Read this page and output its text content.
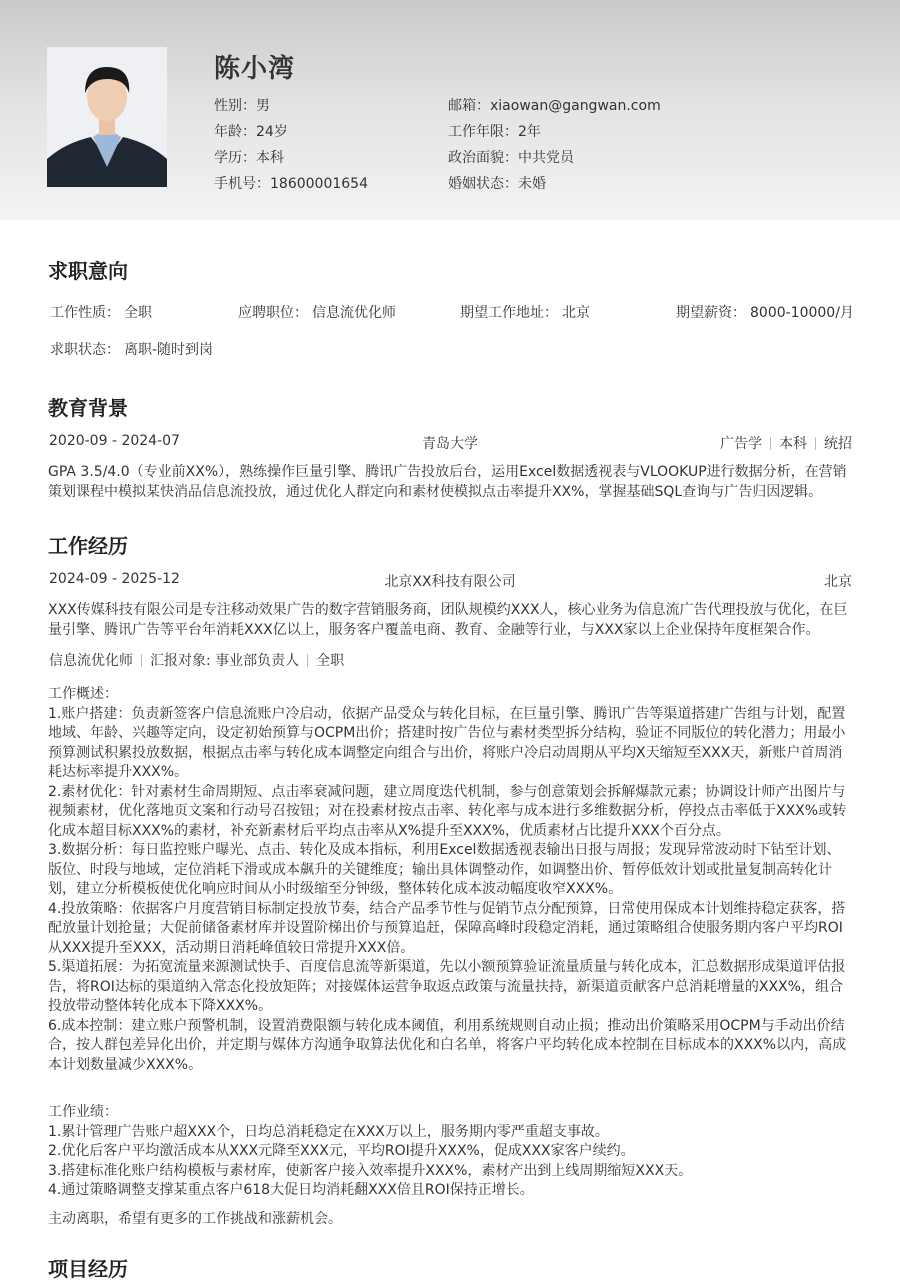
陈小湾
性别 ： 男
年龄 ： 24岁
学历 ： 本科
手机号 ： 18600001654
邮箱 ： xiaowan@gangwan.com
工作年限 ： 2年
政治面貌 ： 中共党员
婚姻状态 ： 未婚
求职意向
工作性质： 全职	应聘职位： 信息流优化师	期望工作地址： 北京	期望薪资： 8000-10000/月
求职状态： 离职-随时到岗
教育背景
2020-09 - 2024-07	青岛大学	广告学 本科 统招
GPA 3.5/4.0（专业前XX%），熟练操作巨量引擎、腾讯广告投放后台，运用Excel数据透视表与VLOOKUP进行数据分析，在营销策划课程中模拟某快消品信息流投放，通过优化人群定向和素材使模拟点击率提升XX%，掌握基础SQL查询与广告归因逻辑。
工作经历
2024-09 - 2025-12	北京XX科技有限公司	北京
XXX传媒科技有限公司是专注移动效果广告的数字营销服务商，团队规模约XXX人，核心业务为信息流广告代理投放与优化，在巨量引擎、腾讯广告等平台年消耗XXX亿以上，服务客户覆盖电商、教育、金融等行业，与XXX家以上企业保持年度框架合作。
信息流优化师 汇报对象: 事业部负责人 全职

工作概述：

1.账户搭建：负责新签客户信息流账户冷启动，依据产品受众与转化目标，在巨量引擎、腾讯广告等渠道搭建广告组与计划，配置地域、年龄、兴趣等定向，设定初始预算与OCPM出价；搭建时按广告位与素材类型拆分结构，验证不同版位的转化潜力；用最小预算测试积累投放数据，根据点击率与转化成本调整定向组合与出价，将账户冷启动周期从平均X天缩短至XXX天，新账户首周消耗达标率提升XXX%。

2.素材优化：针对素材生命周期短、点击率衰减问题，建立周度迭代机制，参与创意策划会拆解爆款元素；协调设计师产出图片与视频素材，优化落地页文案和行动号召按钮；对在投素材按点击率、转化率与成本进行多维数据分析，停投点击率低于XXX%或转化成本超目标XXX%的素材，补充新素材后平均点击率从X%提升至XXX%，优质素材占比提升XXX个百分点。

3.数据分析：每日监控账户曝光、点击、转化及成本指标，利用Excel数据透视表输出日报与周报；发现异常波动时下钻至计划、版位、时段与地域，定位消耗下滑或成本飙升的关键维度；输出具体调整动作，如调整出价、暂停低效计划或批量复制高转化计划，建立分析模板使优化响应时间从小时级缩至分钟级，整体转化成本波动幅度收窄XXX%。

4.投放策略：依据客户月度营销目标制定投放节奏，结合产品季节性与促销节点分配预算，日常使用保成本计划维持稳定获客，搭配放量计划抢量；大促前储备素材库并设置阶梯出价与预算追赶，保障高峰时段稳定消耗，通过策略组合使服务期内客户平均ROI从XXX提升至XXX，活动期日消耗峰值较日常提升XXX倍。

5.渠道拓展：为拓宽流量来源测试快手、百度信息流等新渠道，先以小额预算验证流量质量与转化成本，汇总数据形成渠道评估报告，将ROI达标的渠道纳入常态化投放矩阵；对接媒体运营争取返点政策与流量扶持，新渠道贡献客户总消耗增量的XXX%，组合投放带动整体转化成本下降XXX%。

6.成本控制：建立账户预警机制，设置消费限额与转化成本阈值，利用系统规则自动止损；推动出价策略采用OCPM与手动出价结合，按人群包差异化出价，并定期与媒体方沟通争取算法优化和白名单，将客户平均转化成本控制在目标成本的XXX%以内，高成本计划数量减少XXX%。

工作业绩：

1.累计管理广告账户超XXX个，日均总消耗稳定在XXX万以上，服务期内零严重超支事故。

2.优化后客户平均激活成本从XXX元降至XXX元，平均ROI提升XXX%，促成XXX家客户续约。

3.搭建标准化账户结构模板与素材库，使新客户接入效率提升XXX%，素材产出到上线周期缩短XXX天。

4.通过策略调整支撑某重点客户618大促日均消耗翻XXX倍且ROI保持正增长。

主动离职，希望有更多的工作挑战和涨薪机会。
项目经历
